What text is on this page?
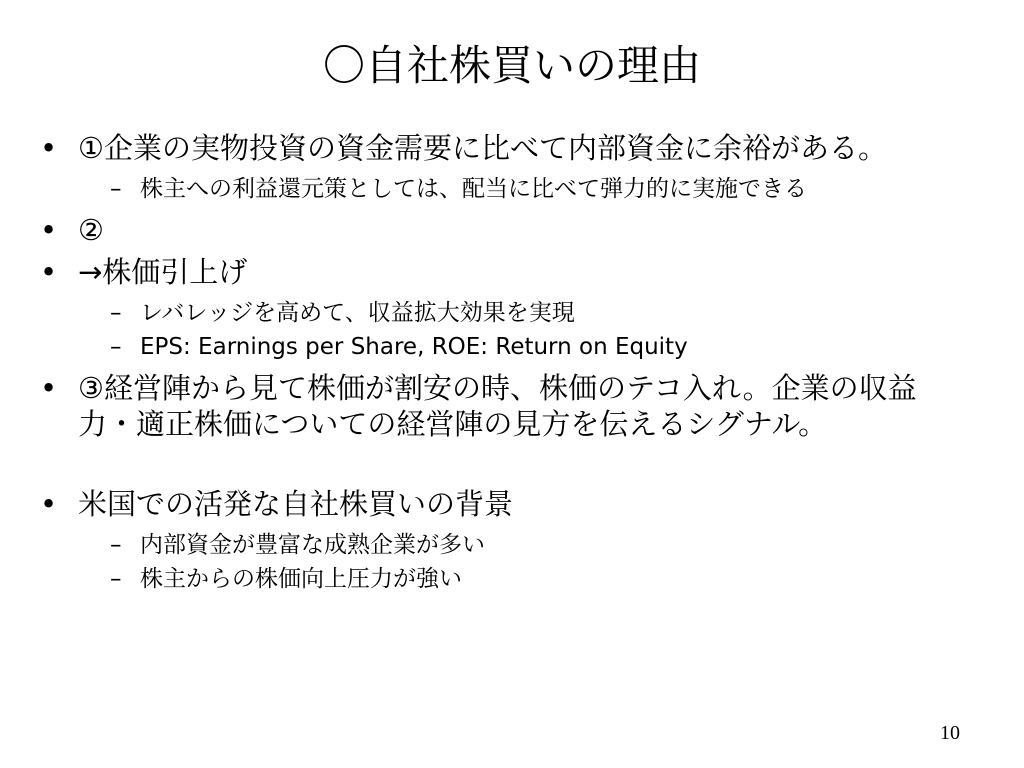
〇自社株買いの理由
• ①企業の実物投資の資金需要に比べて内部資金に余裕がある。
– 株主への利益還元策としては、配当に比べて弾力的に実施できる
• ②
• →株価引上げ
– レバレッジを高めて、収益拡大効果を実現
– EPS: Earnings per Share, ROE: Return on Equity
• ③経営陣から見て株価が割安の時、株価のテコ入れ。企業の収益力・適正株価についての経営陣の見方を伝えるシグナル。
• 米国での活発な自社株買いの背景
– 内部資金が豊富な成熟企業が多い
– 株主からの株価向上圧力が強い
10
